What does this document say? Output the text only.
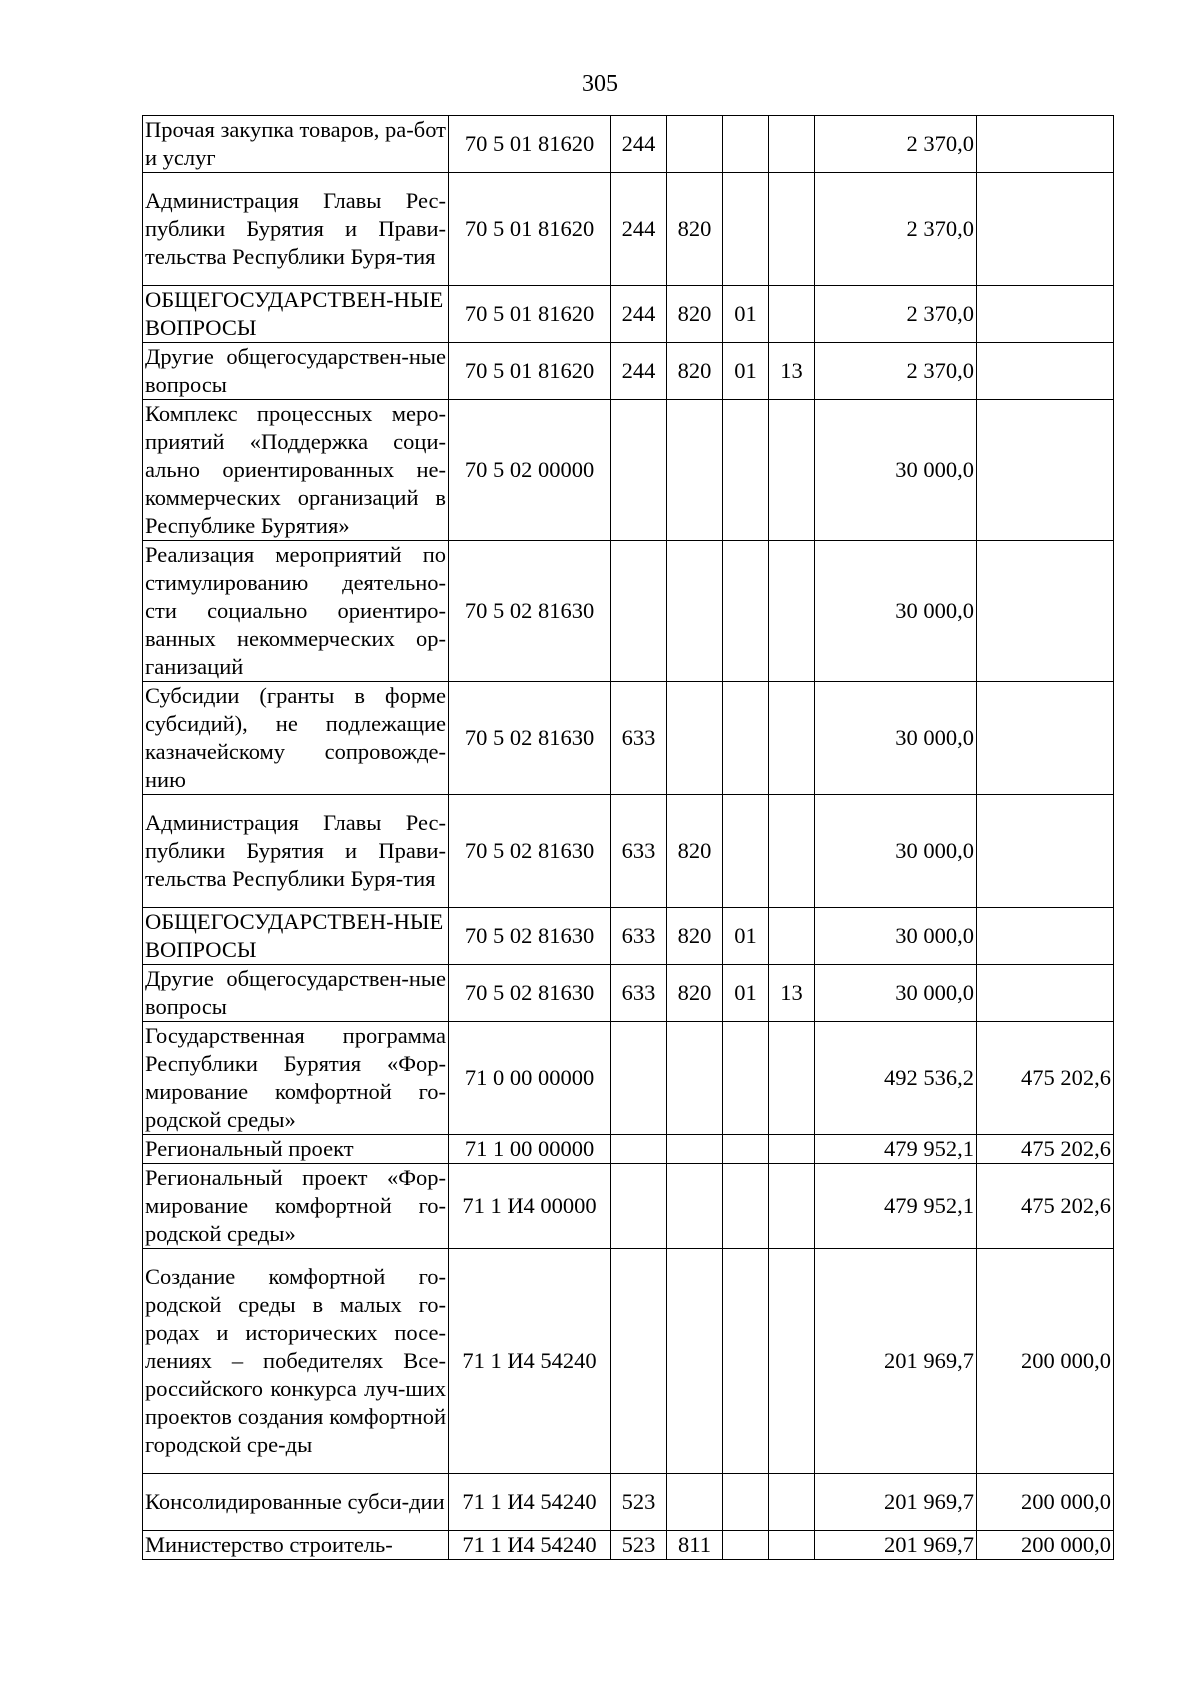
305
Прочая закупка товаров, ра-бот и услуг	70 5 01 81620	244				2 370,0	
Администрация Главы Рес-публики Бурятия и Прави-тельства Республики Буря-тия	70 5 01 81620	244	820			2 370,0	
ОБЩЕГОСУДАРСТВЕН-НЫЕ ВОПРОСЫ	70 5 01 81620	244	820	01		2 370,0	
Другие общегосударствен-ные вопросы	70 5 01 81620	244	820	01	13	2 370,0	
Комплекс процессных меро-приятий «Поддержка соци-ально ориентированных не-коммерческих организаций в Республике Бурятия»	70 5 02 00000					30 000,0	
Реализация мероприятий по стимулированию деятельно-сти социально ориентиро-ванных некоммерческих ор-ганизаций	70 5 02 81630					30 000,0	
Субсидии (гранты в форме субсидий), не подлежащие казначейскому сопровожде-нию	70 5 02 81630	633				30 000,0	
Администрация Главы Рес-публики Бурятия и Прави-тельства Республики Буря-тия	70 5 02 81630	633	820			30 000,0	
ОБЩЕГОСУДАРСТВЕН-НЫЕ ВОПРОСЫ	70 5 02 81630	633	820	01		30 000,0	
Другие общегосударствен-ные вопросы	70 5 02 81630	633	820	01	13	30 000,0	
Государственная программа Республики Бурятия «Фор-мирование комфортной го-родской среды»	71 0 00 00000					492 536,2	475 202,6
Региональный проект	71 1 00 00000					479 952,1	475 202,6
Региональный проект «Фор-мирование комфортной го-родской среды»	71 1 И4 00000					479 952,1	475 202,6
Создание комфортной го-родской среды в малых го-родах и исторических посе-лениях – победителях Все-российского конкурса луч-ших проектов создания комфортной городской сре-ды	71 1 И4 54240					201 969,7	200 000,0
Консолидированные субси-дии	71 1 И4 54240	523				201 969,7	200 000,0
Министерство строитель-	71 1 И4 54240	523	811			201 969,7	200 000,0
